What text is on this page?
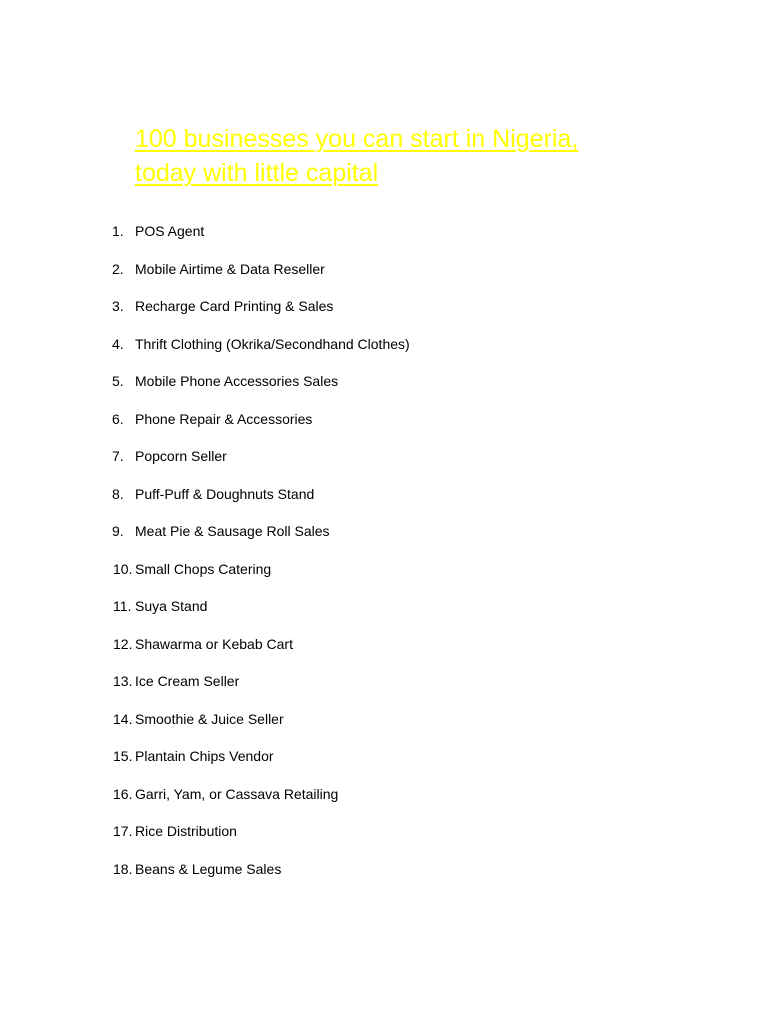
100 businesses you can start in Nigeria,
today with little capital
1. POS Agent
2. Mobile Airtime & Data Reseller
3. Recharge Card Printing & Sales
4. Thrift Clothing (Okrika/Secondhand Clothes)
5. Mobile Phone Accessories Sales
6. Phone Repair & Accessories
7. Popcorn Seller
8. Puff-Puff & Doughnuts Stand
9. Meat Pie & Sausage Roll Sales
10. Small Chops Catering
11. Suya Stand
12. Shawarma or Kebab Cart
13. Ice Cream Seller
14. Smoothie & Juice Seller
15. Plantain Chips Vendor
16. Garri, Yam, or Cassava Retailing
17. Rice Distribution
18. Beans & Legume Sales
